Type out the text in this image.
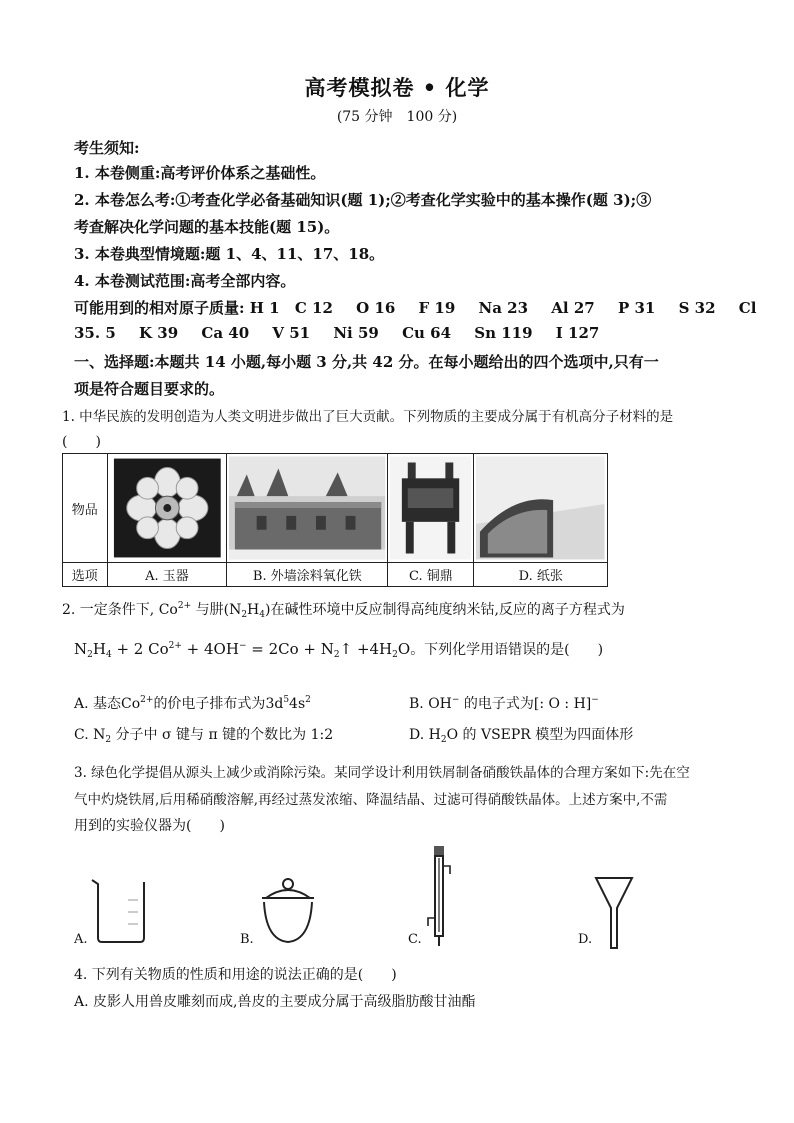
高考模拟卷 • 化学
(75 分钟　100 分)
考生须知:
1. 本卷侧重:高考评价体系之基础性。
2. 本卷怎么考:①考查化学必备基础知识(题 1);②考查化学实验中的基本操作(题 3);③
考查解决化学问题的基本技能(题 15)。
3. 本卷典型情境题:题 1、4、11、17、18。
4. 本卷测试范围:高考全部内容。
可能用到的相对原子质量: H 1 C 12 O 16 F 19 Na 23 Al 27 P 31 S 32 Cl
35. 5 K 39 Ca 40 V 51 Ni 59 Cu 64 Sn 119 I 127
一、选择题:本题共 14 小题,每小题 3 分,共 42 分。在每小题给出的四个选项中,只有一
项是符合题目要求的。
1. 中华民族的发明创造为人类文明进步做出了巨大贡献。下列物质的主要成分属于有机高分子材料的是
(　　)
物品	

选项	A. 玉器	B. 外墙涂料氧化铁	C. 铜鼎	D. 纸张
2. 一定条件下, $Co^{2+}$ 与肼$(N_2H_4)$在碱性环境中反应制得高纯度纳米钴,反应的离子方程式为
$N_2H_4 + 2$ $Co^{2+} + 4OH^- = 2Co$ + $N_2↑ +4H_2O$。下列化学用语错误的是(　　)
A. 基态$Co^{2+}$的价电子排布式为$3d^54s^2$	B. OH− 的电子式为[: O : H]−
C. $N_2$ 分子中 σ 键与 π 键的个数比为 1:2	D. $H_2O$ 的 VSEPR 模型为四面体形
3. 绿色化学提倡从源头上减少或消除污染。某同学设计利用铁屑制备硝酸铁晶体的合理方案如下:先在空
气中灼烧铁屑,后用稀硝酸溶解,再经过蒸发浓缩、降温结晶、过滤可得硝酸铁晶体。上述方案中,不需
用到的实验仪器为(　　)
A.	B.	C.	D.
4. 下列有关物质的性质和用途的说法正确的是(　　)
A. 皮影人用兽皮雕刻而成,兽皮的主要成分属于高级脂肪酸甘油酯
